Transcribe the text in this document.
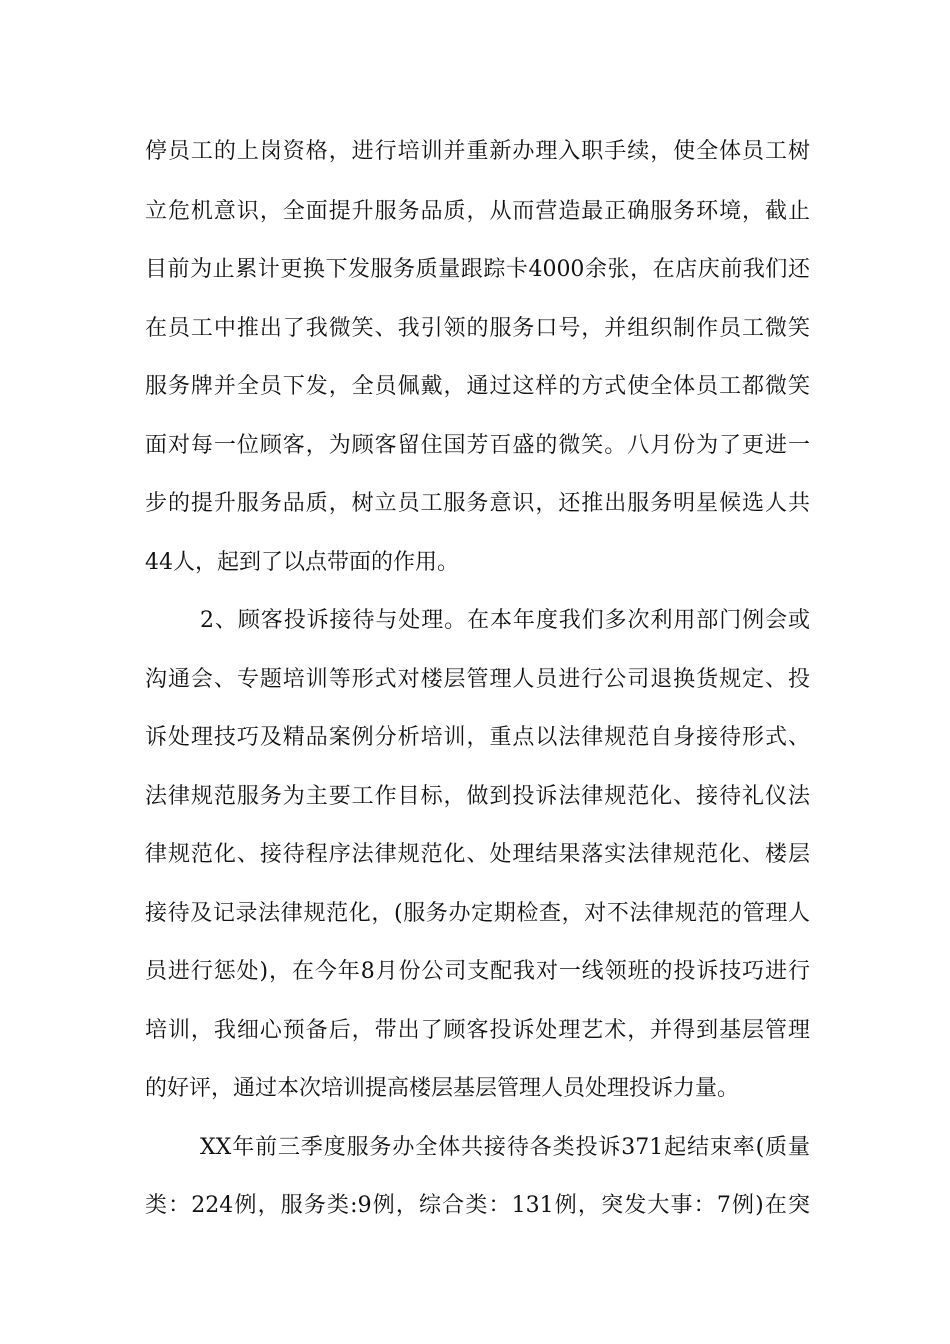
停员工的上岗资格，进行培训并重新办理入职手续，使全体员工树
立危机意识，全面提升服务品质，从而营造最正确服务环境，截止
目前为止累计更换下发服务质量跟踪卡4000余张，在店庆前我们还
在员工中推出了我微笑、我引领的服务口号，并组织制作员工微笑
服务牌并全员下发，全员佩戴，通过这样的方式使全体员工都微笑
面对每一位顾客，为顾客留住国芳百盛的微笑。八月份为了更进一
步的提升服务品质，树立员工服务意识，还推出服务明星候选人共
44人，起到了以点带面的作用。
2、顾客投诉接待与处理。在本年度我们多次利用部门例会或
沟通会、专题培训等形式对楼层管理人员进行公司退换货规定、投
诉处理技巧及精品案例分析培训，重点以法律规范自身接待形式、
法律规范服务为主要工作目标，做到投诉法律规范化、接待礼仪法
律规范化、接待程序法律规范化、处理结果落实法律规范化、楼层
接待及记录法律规范化，(服务办定期检查，对不法律规范的管理人
员进行惩处)，在今年8月份公司支配我对一线领班的投诉技巧进行
培训，我细心预备后，带出了顾客投诉处理艺术，并得到基层管理
的好评，通过本次培训提高楼层基层管理人员处理投诉力量。
XX年前三季度服务办全体共接待各类投诉371起结束率(质量
类：224例，服务类:9例，综合类：131例，突发大事：7例)在突
